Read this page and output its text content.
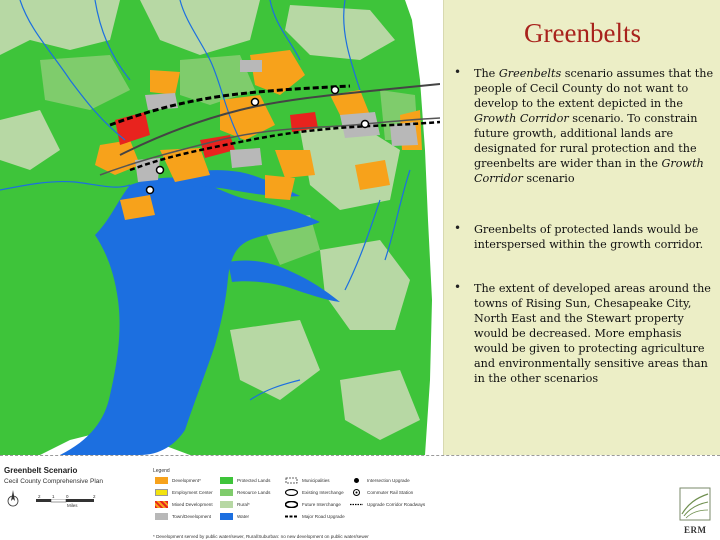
Greenbelts
• The Greenbelts scenario assumes that the people of Cecil County do not want to develop to the extent depicted in the Growth Corridor scenario. To constrain future growth, additional lands are designated for rural protection and the greenbelts are wider than in the Growth Corridor scenario
• Greenbelts of protected lands would be interspersed within the growth corridor.
• The extent of developed areas around the towns of Rising Sun, Chesapeake City, North East and the Stewart property would be decreased. More emphasis would be given to protecting agriculture and environmentally sensitive areas than in the other scenarios
Greenbelt Scenario
Cecil County Comprehensive Plan
2	1	0	2
Miles
Legend
Development*
Employment Center
Mixed Development
Town/Development
Protected Lands
Resource Lands
Rural*
Water
Municipalities
Existing Interchange
Future Interchange
Major Road Upgrade
Intersection Upgrade
Commuter Rail Station
Upgrade Corridor Roadways
* Development served by public water/sewer, Rural/Suburban: no new development on public water/sewer
ERM
